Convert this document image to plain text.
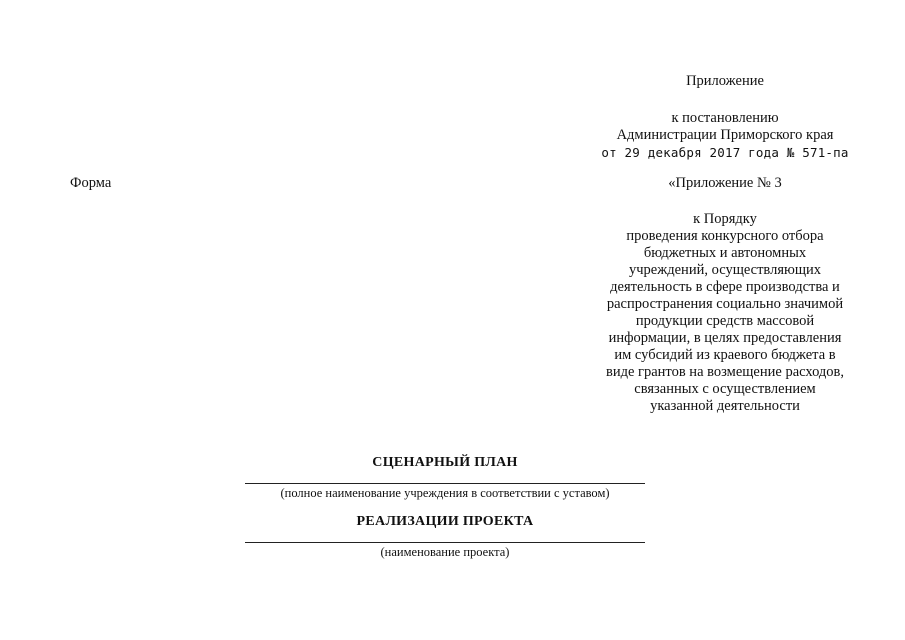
Приложение
к постановлению
Администрации Приморского края
от 29 декабря 2017 года № 571-па
Форма	«Приложение № 3
к Порядку
проведения конкурсного отбора
бюджетных и автономных
учреждений, осуществляющих
деятельность в сфере производства и
распространения социально значимой
продукции средств массовой
информации, в целях предоставления
им субсидий из краевого бюджета в
виде грантов на возмещение расходов,
связанных с осуществлением
указанной деятельности
СЦЕНАРНЫЙ ПЛАН
(полное наименование учреждения в соответствии с уставом)
РЕАЛИЗАЦИИ ПРОЕКТА
(наименование проекта)
